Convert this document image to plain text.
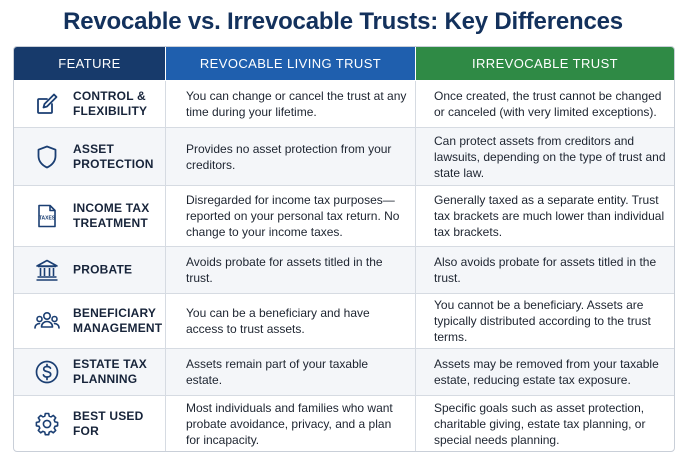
Revocable vs. Irrevocable Trusts: Key Differences
FEATURE	REVOCABLE LIVING TRUST	IRREVOCABLE TRUST
CONTROL & FLEXIBILITY
You can change or cancel the trust at any time during your lifetime.
Once created, the trust cannot be changed or canceled (with very limited exceptions).
ASSET PROTECTION
Provides no asset protection from your creditors.
Can protect assets from creditors and lawsuits, depending on the type of trust and state law.
TAXES
INCOME TAX TREATMENT
Disregarded for income tax purposes—reported on your personal tax return. No change to your income taxes.
Generally taxed as a separate entity. Trust tax brackets are much lower than individual tax brackets.
PROBATE
Avoids probate for assets titled in the trust.
Also avoids probate for assets titled in the trust.
BENEFICIARY MANAGEMENT
You can be a beneficiary and have access to trust assets.
You cannot be a beneficiary. Assets are typically distributed according to the trust terms.
ESTATE TAX PLANNING
Assets remain part of your taxable estate.
Assets may be removed from your taxable estate, reducing estate tax exposure.
BEST USED FOR
Most individuals and families who want probate avoidance, privacy, and a plan for incapacity.
Specific goals such as asset protection, charitable giving, estate tax planning, or special needs planning.
